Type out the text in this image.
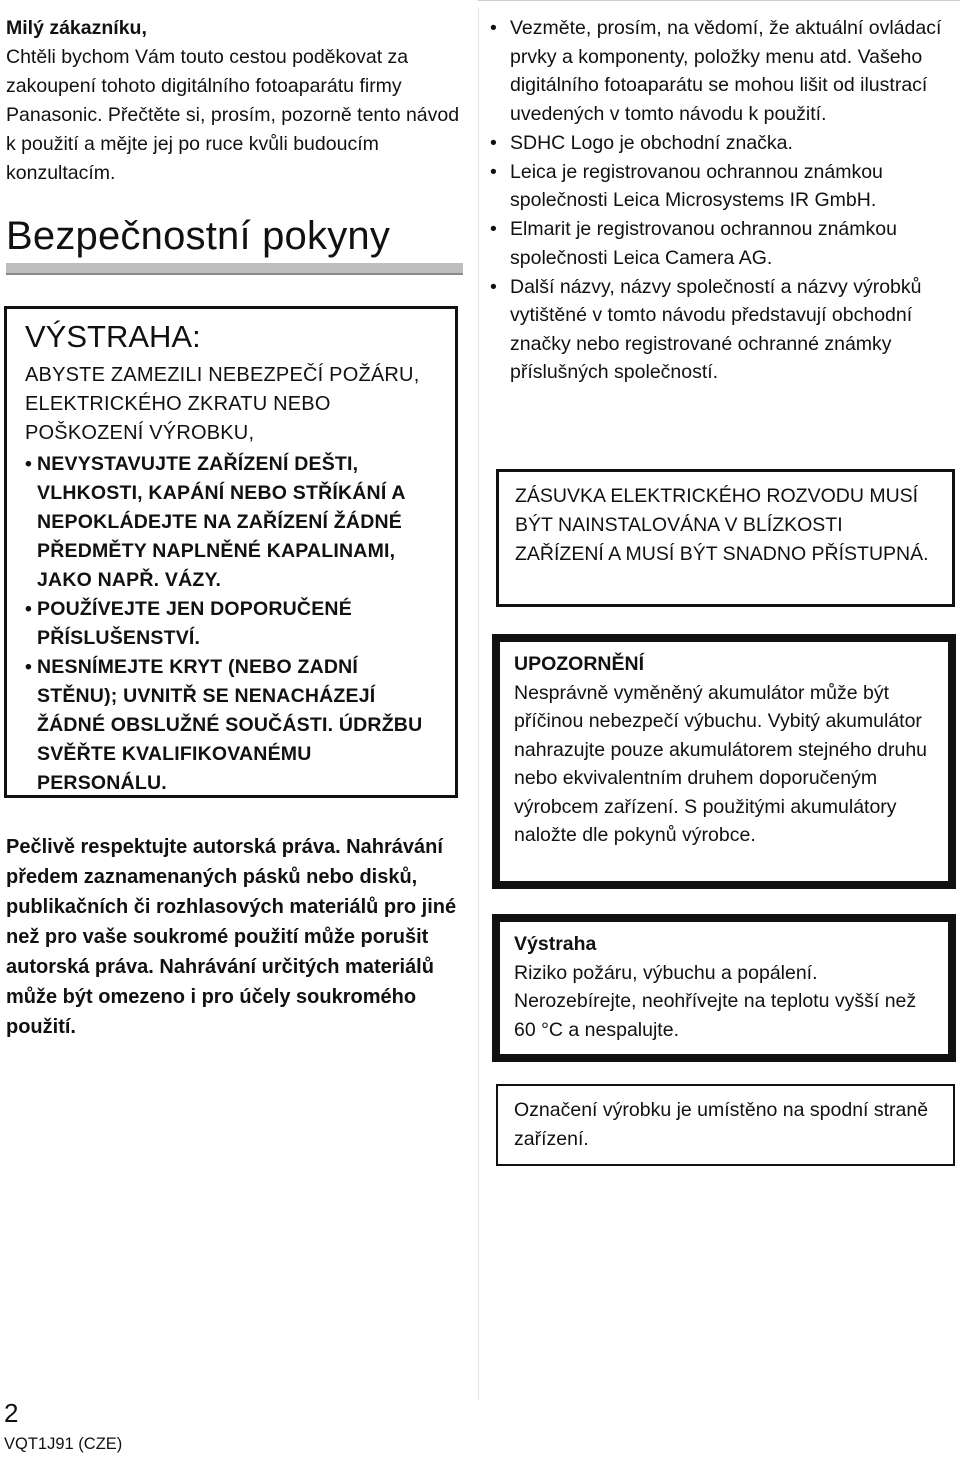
Milý zákazníku,
Chtěli bychom Vám touto cestou poděkovat za zakoupení tohoto digitálního fotoaparátu firmy Panasonic. Přečtěte si, prosím, pozorně tento návod k použití a mějte jej po ruce kvůli budoucím konzultacím.
Bezpečnostní pokyny
VÝSTRAHA:
ABYSTE ZAMEZILI NEBEZPEČÍ POŽÁRU, ELEKTRICKÉHO ZKRATU NEBO POŠKOZENÍ VÝROBKU,
• NEVYSTAVUJTE ZAŘÍZENÍ DEŠTI, VLHKOSTI, KAPÁNÍ NEBO STŘÍKÁNÍ A NEPOKLÁDEJTE NA ZAŘÍZENÍ ŽÁDNÉ PŘEDMĚTY NAPLNĚNÉ KAPALINAMI, JAKO NAPŘ. VÁZY.
• POUŽÍVEJTE JEN DOPORUČENÉ PŘÍSLUŠENSTVÍ.
• NESNÍMEJTE KRYT (NEBO ZADNÍ STĚNU); UVNITŘ SE NENACHÁZEJÍ ŽÁDNÉ OBSLUŽNÉ SOUČÁSTI. ÚDRŽBU SVĚŘTE KVALIFIKOVANÉMU PERSONÁLU.
Pečlivě respektujte autorská práva. Nahrávání předem zaznamenaných pásků nebo disků, publikačních či rozhlasových materiálů pro jiné než pro vaše soukromé použití může porušit autorská práva. Nahrávání určitých materiálů může být omezeno i pro účely soukromého použití.
• Vezměte, prosím, na vědomí, že aktuální ovládací prvky a komponenty, položky menu atd. Vašeho digitálního fotoaparátu se mohou lišit od ilustrací uvedených v tomto návodu k použití.
• SDHC Logo je obchodní značka.
• Leica je registrovanou ochrannou známkou společnosti Leica Microsystems IR GmbH.
• Elmarit je registrovanou ochrannou známkou společnosti Leica Camera AG.
• Další názvy, názvy společností a názvy výrobků vytištěné v tomto návodu představují obchodní značky nebo registrované ochranné známky příslušných společností.
ZÁSUVKA ELEKTRICKÉHO ROZVODU MUSÍ BÝT NAINSTALOVÁNA V BLÍZKOSTI ZAŘÍZENÍ A MUSÍ BÝT SNADNO PŘÍSTUPNÁ.
UPOZORNĚNÍ
Nesprávně vyměněný akumulátor může být příčinou nebezpečí výbuchu. Vybitý akumulátor nahrazujte pouze akumulátorem stejného druhu nebo ekvivalentním druhem doporučeným výrobcem zařízení. S použitými akumulátory naložte dle pokynů výrobce.
Výstraha
Riziko požáru, výbuchu a popálení. Nerozebírejte, neohřívejte na teplotu vyšší než 60 °C a nespalujte.
Označení výrobku je umístěno na spodní straně zařízení.
2
VQT1J91 (CZE)
